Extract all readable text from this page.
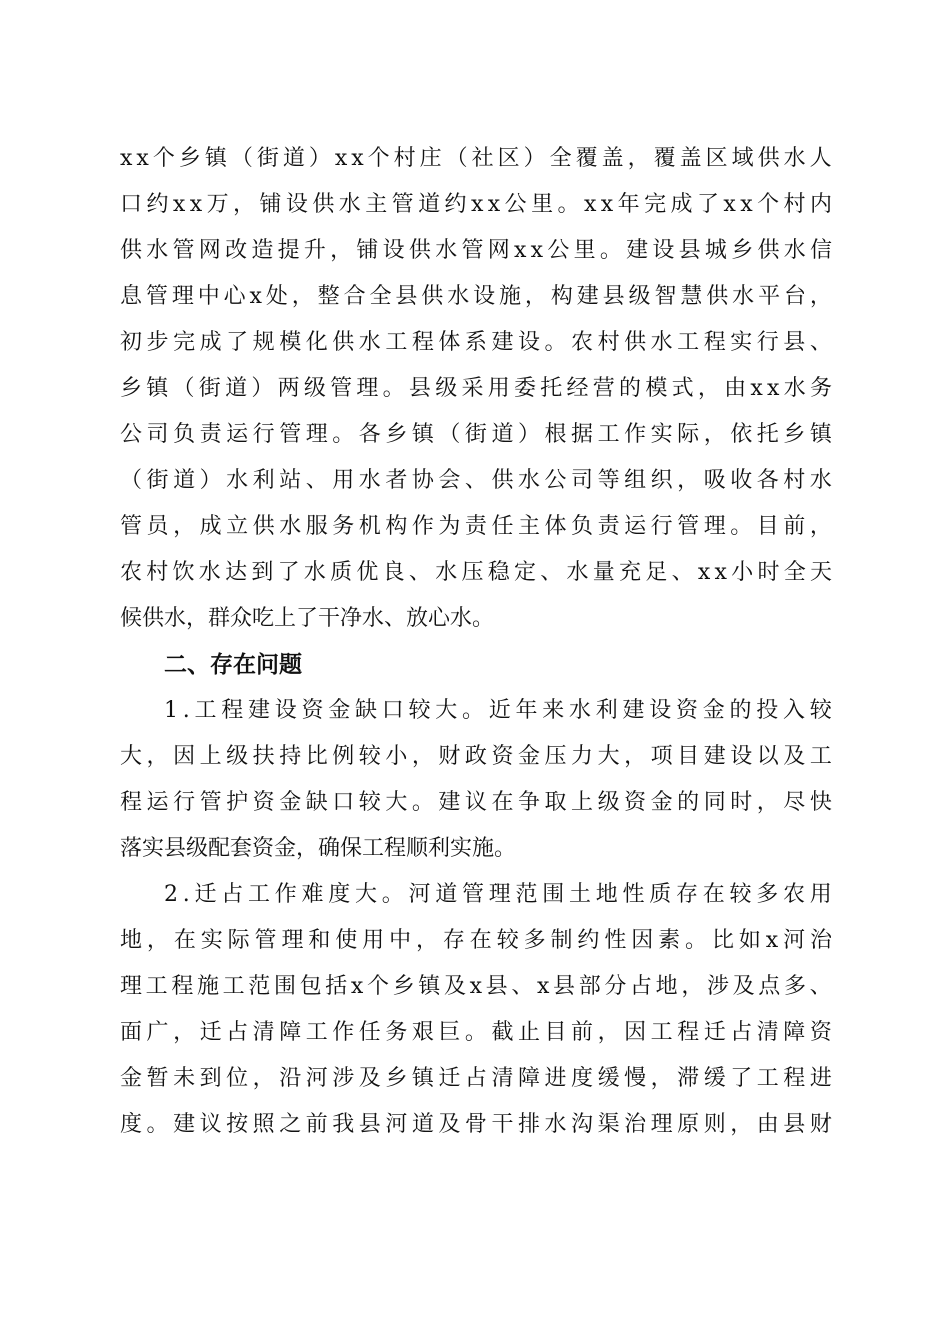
x x 个 乡 镇 （ 街 道 ） x x 个 村 庄 （ 社 区 ） 全 覆 盖 ， 覆 盖 区 域 供 水 人
口 约 x x 万 ， 铺 设 供 水 主 管 道 约 x x 公 里 。 x x 年 完 成 了 x x 个 村 内
供 水 管 网 改 造 提 升 ， 铺 设 供 水 管 网 x x 公 里 。 建 设 县 城 乡 供 水 信
息 管 理 中 心 x 处 ， 整 合 全 县 供 水 设 施 ， 构 建 县 级 智 慧 供 水 平 台 ，
初 步 完 成 了 规 模 化 供 水 工 程 体 系 建 设 。 农 村 供 水 工 程 实 行 县 、
乡 镇 （ 街 道 ） 两 级 管 理 。 县 级 采 用 委 托 经 营 的 模 式 ， 由 x x 水 务
公 司 负 责 运 行 管 理 。 各 乡 镇 （ 街 道 ） 根 据 工 作 实 际 ， 依 托 乡 镇
（ 街 道 ） 水 利 站 、 用 水 者 协 会 、 供 水 公 司 等 组 织 ， 吸 收 各 村 水
管 员 ， 成 立 供 水 服 务 机 构 作 为 责 任 主 体 负 责 运 行 管 理 。 目 前 ，
农 村 饮 水 达 到 了 水 质 优 良 、 水 压 稳 定 、 水 量 充 足 、 x x 小 时 全 天
候供水，群众吃上了干净水、放心水。
二、存在问题
1 . 工 程 建 设 资 金 缺 口 较 大 。 近 年 来 水 利 建 设 资 金 的 投 入 较
大 ， 因 上 级 扶 持 比 例 较 小 ， 财 政 资 金 压 力 大 ， 项 目 建 设 以 及 工
程 运 行 管 护 资 金 缺 口 较 大 。 建 议 在 争 取 上 级 资 金 的 同 时 ， 尽 快
落实县级配套资金，确保工程顺利实施。
2 . 迁 占 工 作 难 度 大 。 河 道 管 理 范 围 土 地 性 质 存 在 较 多 农 用
地 ， 在 实 际 管 理 和 使 用 中 ， 存 在 较 多 制 约 性 因 素 。 比 如 x 河 治
理 工 程 施 工 范 围 包 括 x 个 乡 镇 及 x 县 、 x 县 部 分 占 地 ， 涉 及 点 多 、
面 广 ， 迁 占 清 障 工 作 任 务 艰 巨 。 截 止 目 前 ， 因 工 程 迁 占 清 障 资
金 暂 未 到 位 ， 沿 河 涉 及 乡 镇 迁 占 清 障 进 度 缓 慢 ， 滞 缓 了 工 程 进
度 。 建 议 按 照 之 前 我 县 河 道 及 骨 干 排 水 沟 渠 治 理 原 则 ， 由 县 财
